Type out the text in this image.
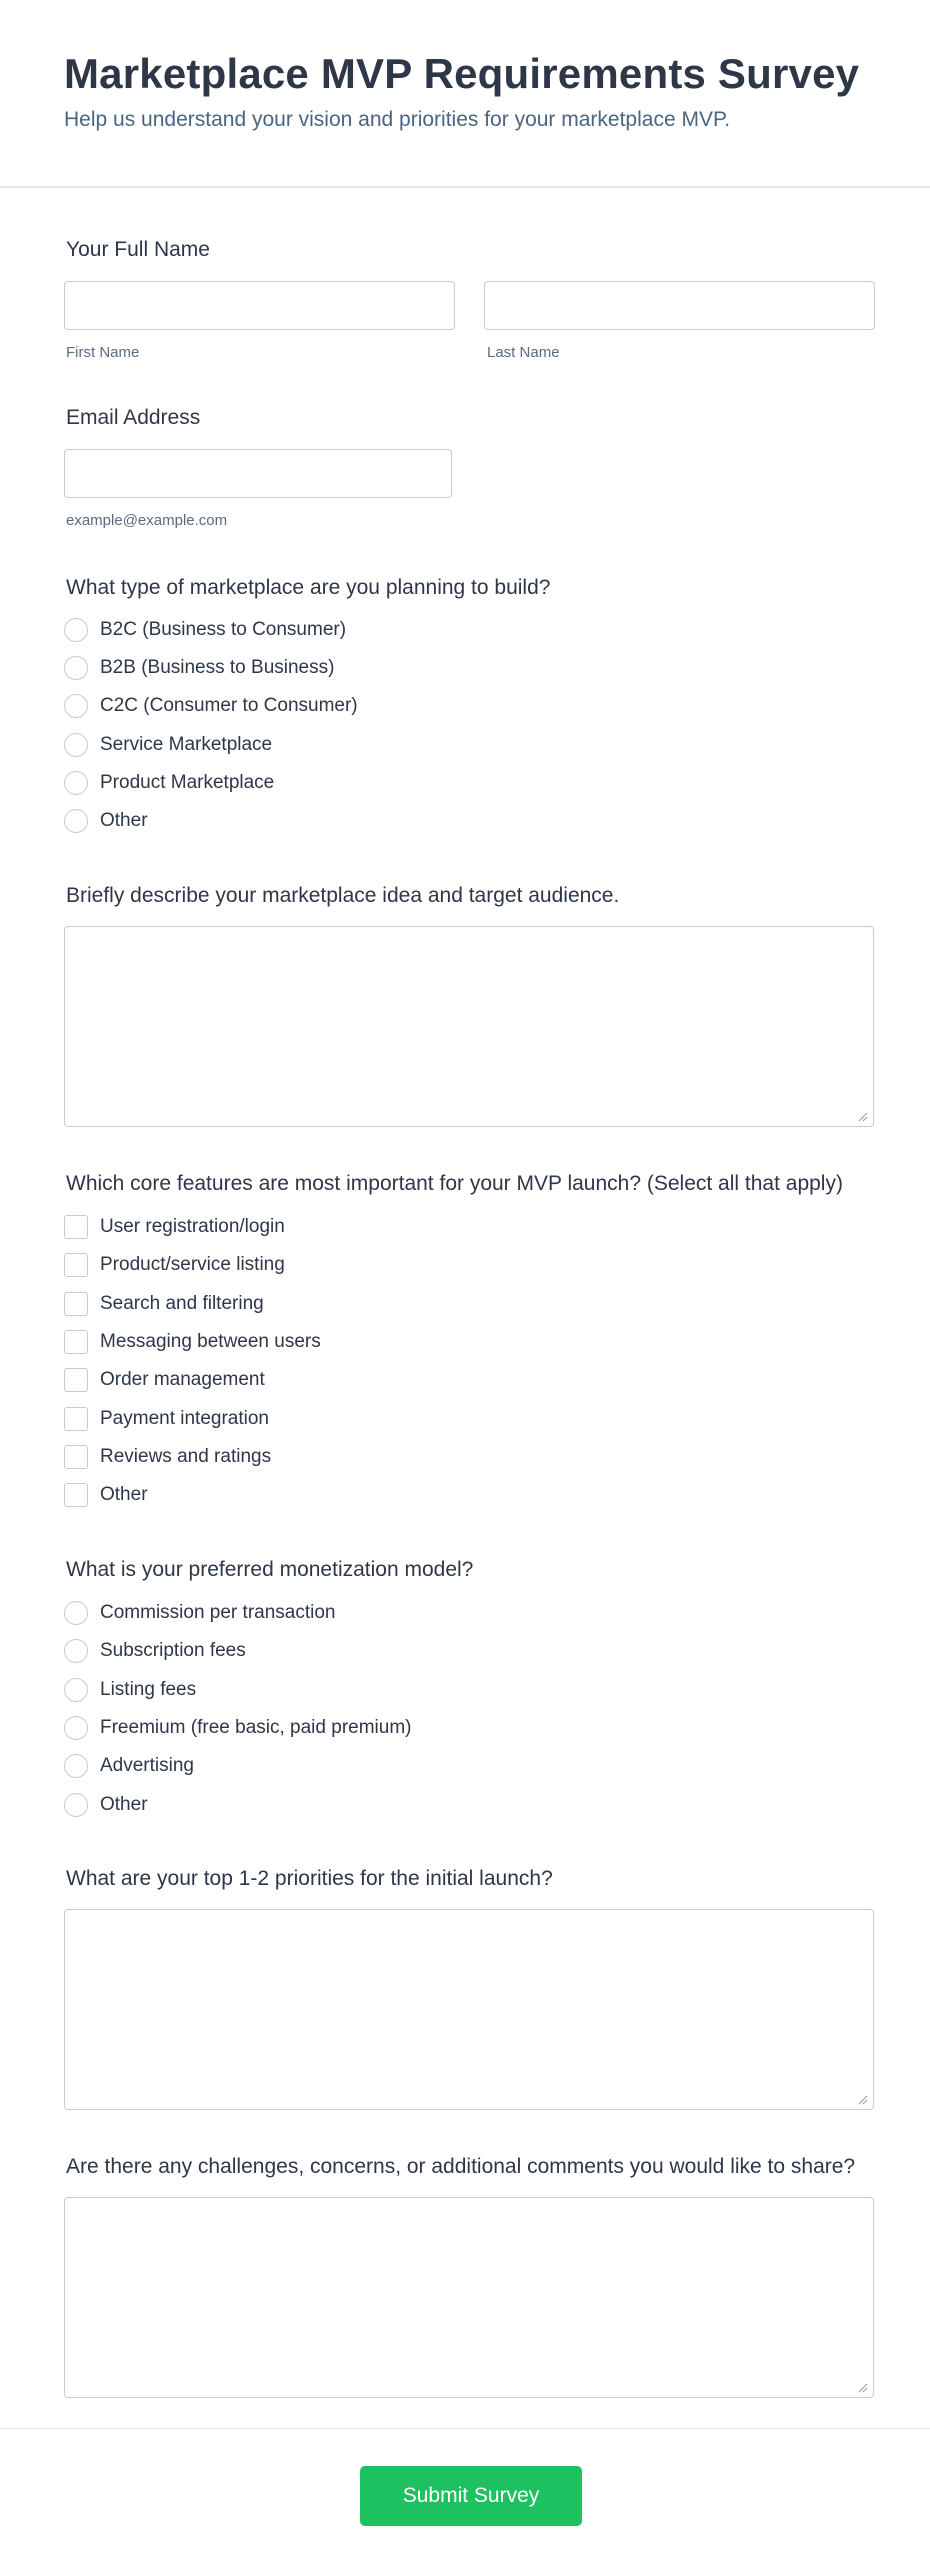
Marketplace MVP Requirements Survey

Help us understand your vision and priorities for your marketplace MVP.

Your Full Name
First Name	Last Name
Email Address
example@example.com
What type of marketplace are you planning to build?
B2C (Business to Consumer)
B2B (Business to Business)
C2C (Consumer to Consumer)
Service Marketplace
Product Marketplace
Other
Briefly describe your marketplace idea and target audience.
Which core features are most important for your MVP launch? (Select all that apply)
User registration/login
Product/service listing
Search and filtering
Messaging between users
Order management
Payment integration
Reviews and ratings
Other
What is your preferred monetization model?
Commission per transaction
Subscription fees
Listing fees
Freemium (free basic, paid premium)
Advertising
Other
What are your top 1-2 priorities for the initial launch?
Are there any challenges, concerns, or additional comments you would like to share?
Submit Survey
